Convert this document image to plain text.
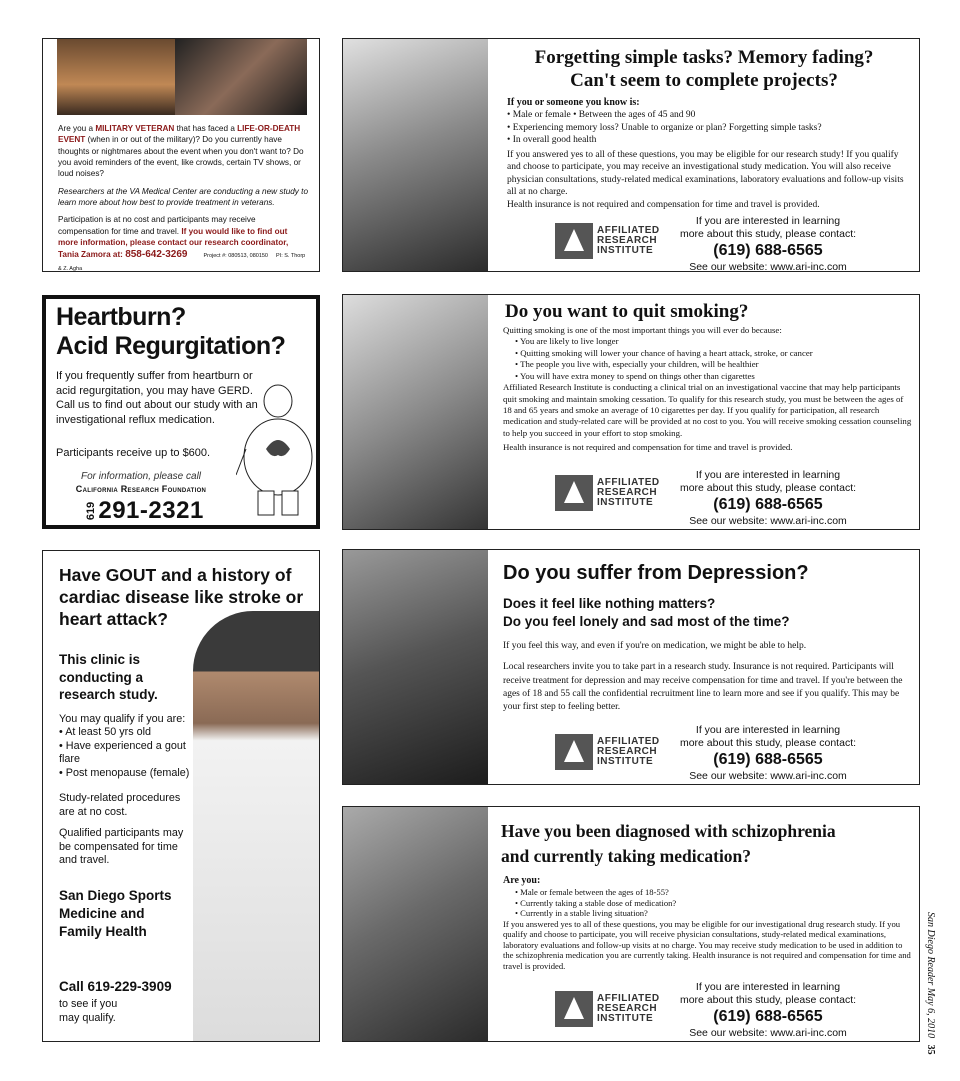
Are you a MILITARY VETERAN that has faced a LIFE-OR-DEATH EVENT (when in or out of the military)? Do you currently have thoughts or nightmares about the event when you don't want to? Do you avoid reminders of the event, like crowds, certain TV shows, or loud noises?

Researchers at the VA Medical Center are conducting a new study to learn more about how best to provide treatment in veterans.

Participation is at no cost and participants may receive compensation for time and travel. If you would like to find out more information, please contact our research coordinator, Tania Zamora at: 858-642-3269	Project #: 080513, 080150 PI: S. Thorp & Z. Agha

Forgetting simple tasks? Memory fading?
Can't seem to complete projects?
If you or someone you know is:
• Male or female • Between the ages of 45 and 90
• Experiencing memory loss? Unable to organize or plan? Forgetting simple tasks?
• In overall good health
If you answered yes to all of these questions, you may be eligible for our research study! If you qualify and choose to participate, you may receive an investigational study medication. You will also receive physician consultations, study-related medical examinations, laboratory evaluations and follow-up visits all at no charge.
Health insurance is not required and compensation for time and travel is provided.
AFFILIATED
RESEARCH
INSTITUTE
If you are interested in learning
more about this study, please contact:
(619) 688-6565
See our website: www.ari-inc.com
Heartburn?
Acid Regurgitation?
If you frequently suffer from heartburn or acid regurgitation, you may have GERD. Call us to find out about our study with an investigational reflux medication.
Participants receive up to $600.
For information, please call
California Research Foundation
619 291-2321
Do you want to quit smoking?
Quitting smoking is one of the most important things you will ever do because:
• You are likely to live longer
• Quitting smoking will lower your chance of having a heart attack, stroke, or cancer
• The people you live with, especially your children, will be healthier
• You will have extra money to spend on things other than cigarettes
Affiliated Research Institute is conducting a clinical trial on an investigational vaccine that may help participants quit smoking and maintain smoking cessation. To qualify for this research study, you must be between the ages of 18 and 65 years and smoke an average of 10 cigarettes per day. If you qualify for participation, all research medication and study-related care will be provided at no cost to you. You will receive smoking cessation counseling to help you succeed in your effort to stop smoking.
Health insurance is not required and compensation for time and travel is provided.
AFFILIATED
RESEARCH
INSTITUTE
If you are interested in learning
more about this study, please contact:
(619) 688-6565
See our website: www.ari-inc.com
Have GOUT and a history of cardiac disease like stroke or heart attack?
This clinic is conducting a research study.
You may qualify if you are:
• At least 50 yrs old
• Have experienced a gout flare
• Post menopause (female)
Study-related procedures are at no cost.
Qualified participants may be compensated for time and travel.
San Diego Sports Medicine and Family Health
Call 619-229-3909
to see if you may qualify.
Do you suffer from Depression?
Does it feel like nothing matters?
Do you feel lonely and sad most of the time?
If you feel this way, and even if you're on medication, we might be able to help.
Local researchers invite you to take part in a research study. Insurance is not required. Participants will receive treatment for depression and may receive compensation for time and travel. If you're between the ages of 18 and 55 call the confidential recruitment line to learn more and see if you qualify. This may be your first step to feeling better.
AFFILIATED
RESEARCH
INSTITUTE
If you are interested in learning
more about this study, please contact:
(619) 688-6565
See our website: www.ari-inc.com
Have you been diagnosed with schizophrenia
and currently taking medication?
Are you:
• Male or female between the ages of 18-55?
• Currently taking a stable dose of medication?
• Currently in a stable living situation?
If you answered yes to all of these questions, you may be eligible for our investigational drug research study. If you qualify and choose to participate, you will receive physician consultations, study-related medical examinations, laboratory evaluations and follow-up visits at no charge. You may receive study medication to be used in addition to the schizophrenia medication you are currently taking. Health insurance is not required and compensation for time and travel is provided.
AFFILIATED
RESEARCH
INSTITUTE
If you are interested in learning
more about this study, please contact:
(619) 688-6565
See our website: www.ari-inc.com	San Diego Reader May 6, 2010 35
